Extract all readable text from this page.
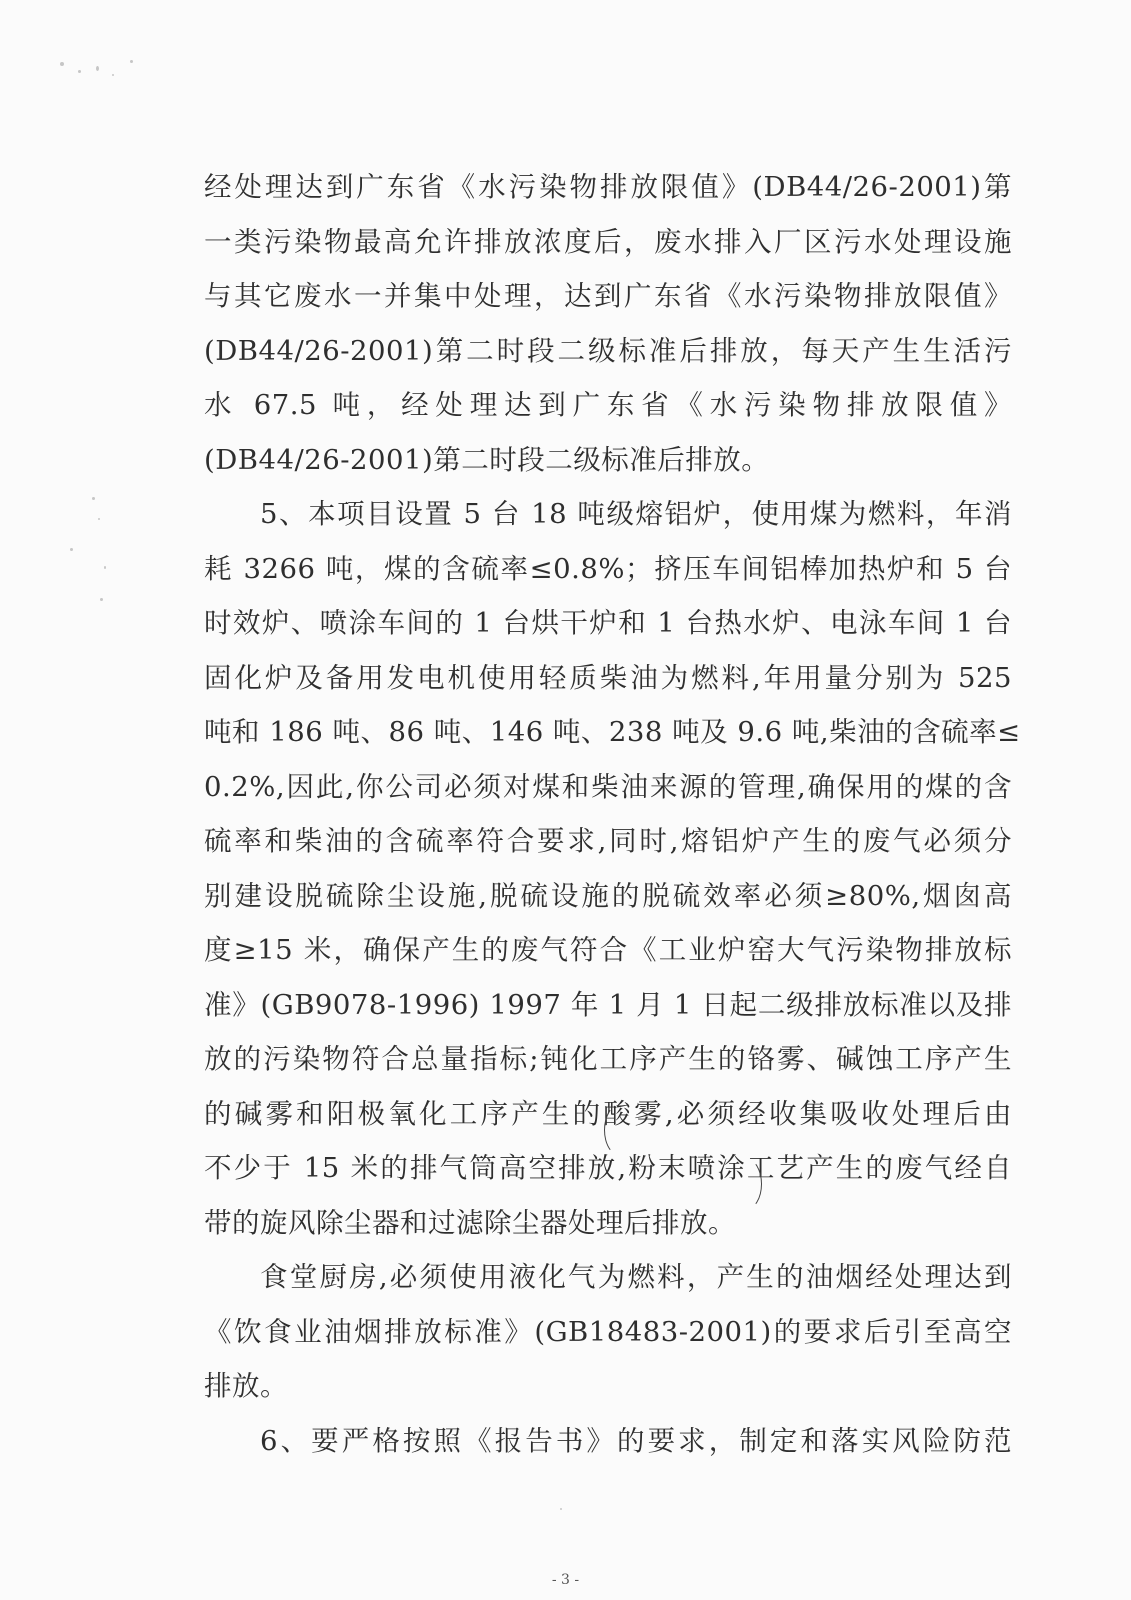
经处理达到广东省《水污染物排放限值》(DB44/26-2001)第
一类污染物最高允许排放浓度后，废水排入厂区污水处理设施
与其它废水一并集中处理，达到广东省《水污染物排放限值》
(DB44/26-2001)第二时段二级标准后排放，每天产生生活污
水 67.5 吨，经处理达到广东省《水污染物排放限值》
(DB44/26-2001)第二时段二级标准后排放。
5、本项目设置 5 台 18 吨级熔铝炉，使用煤为燃料，年消
耗 3266 吨，煤的含硫率≤0.8%；挤压车间铝棒加热炉和 5 台
时效炉、喷涂车间的 1 台烘干炉和 1 台热水炉、电泳车间 1 台
固化炉及备用发电机使用轻质柴油为燃料,年用量分别为 525
吨和 186 吨、86 吨、146 吨、238 吨及 9.6 吨,柴油的含硫率≤
0.2%,因此,你公司必须对煤和柴油来源的管理,确保用的煤的含
硫率和柴油的含硫率符合要求,同时,熔铝炉产生的废气必须分
别建设脱硫除尘设施,脱硫设施的脱硫效率必须≥80%,烟囱高
度≥15 米，确保产生的废气符合《工业炉窑大气污染物排放标
准》(GB9078-1996) 1997 年 1 月 1 日起二级排放标准以及排
放的污染物符合总量指标;钝化工序产生的铬雾、碱蚀工序产生
的碱雾和阳极氧化工序产生的酸雾,必须经收集吸收处理后由
不少于 15 米的排气筒高空排放,粉末喷涂工艺产生的废气经自
带的旋风除尘器和过滤除尘器处理后排放。
食堂厨房,必须使用液化气为燃料，产生的油烟经处理达到
《饮食业油烟排放标准》(GB18483-2001)的要求后引至高空
排放。
6、要严格按照《报告书》的要求，制定和落实风险防范
- 3 -
